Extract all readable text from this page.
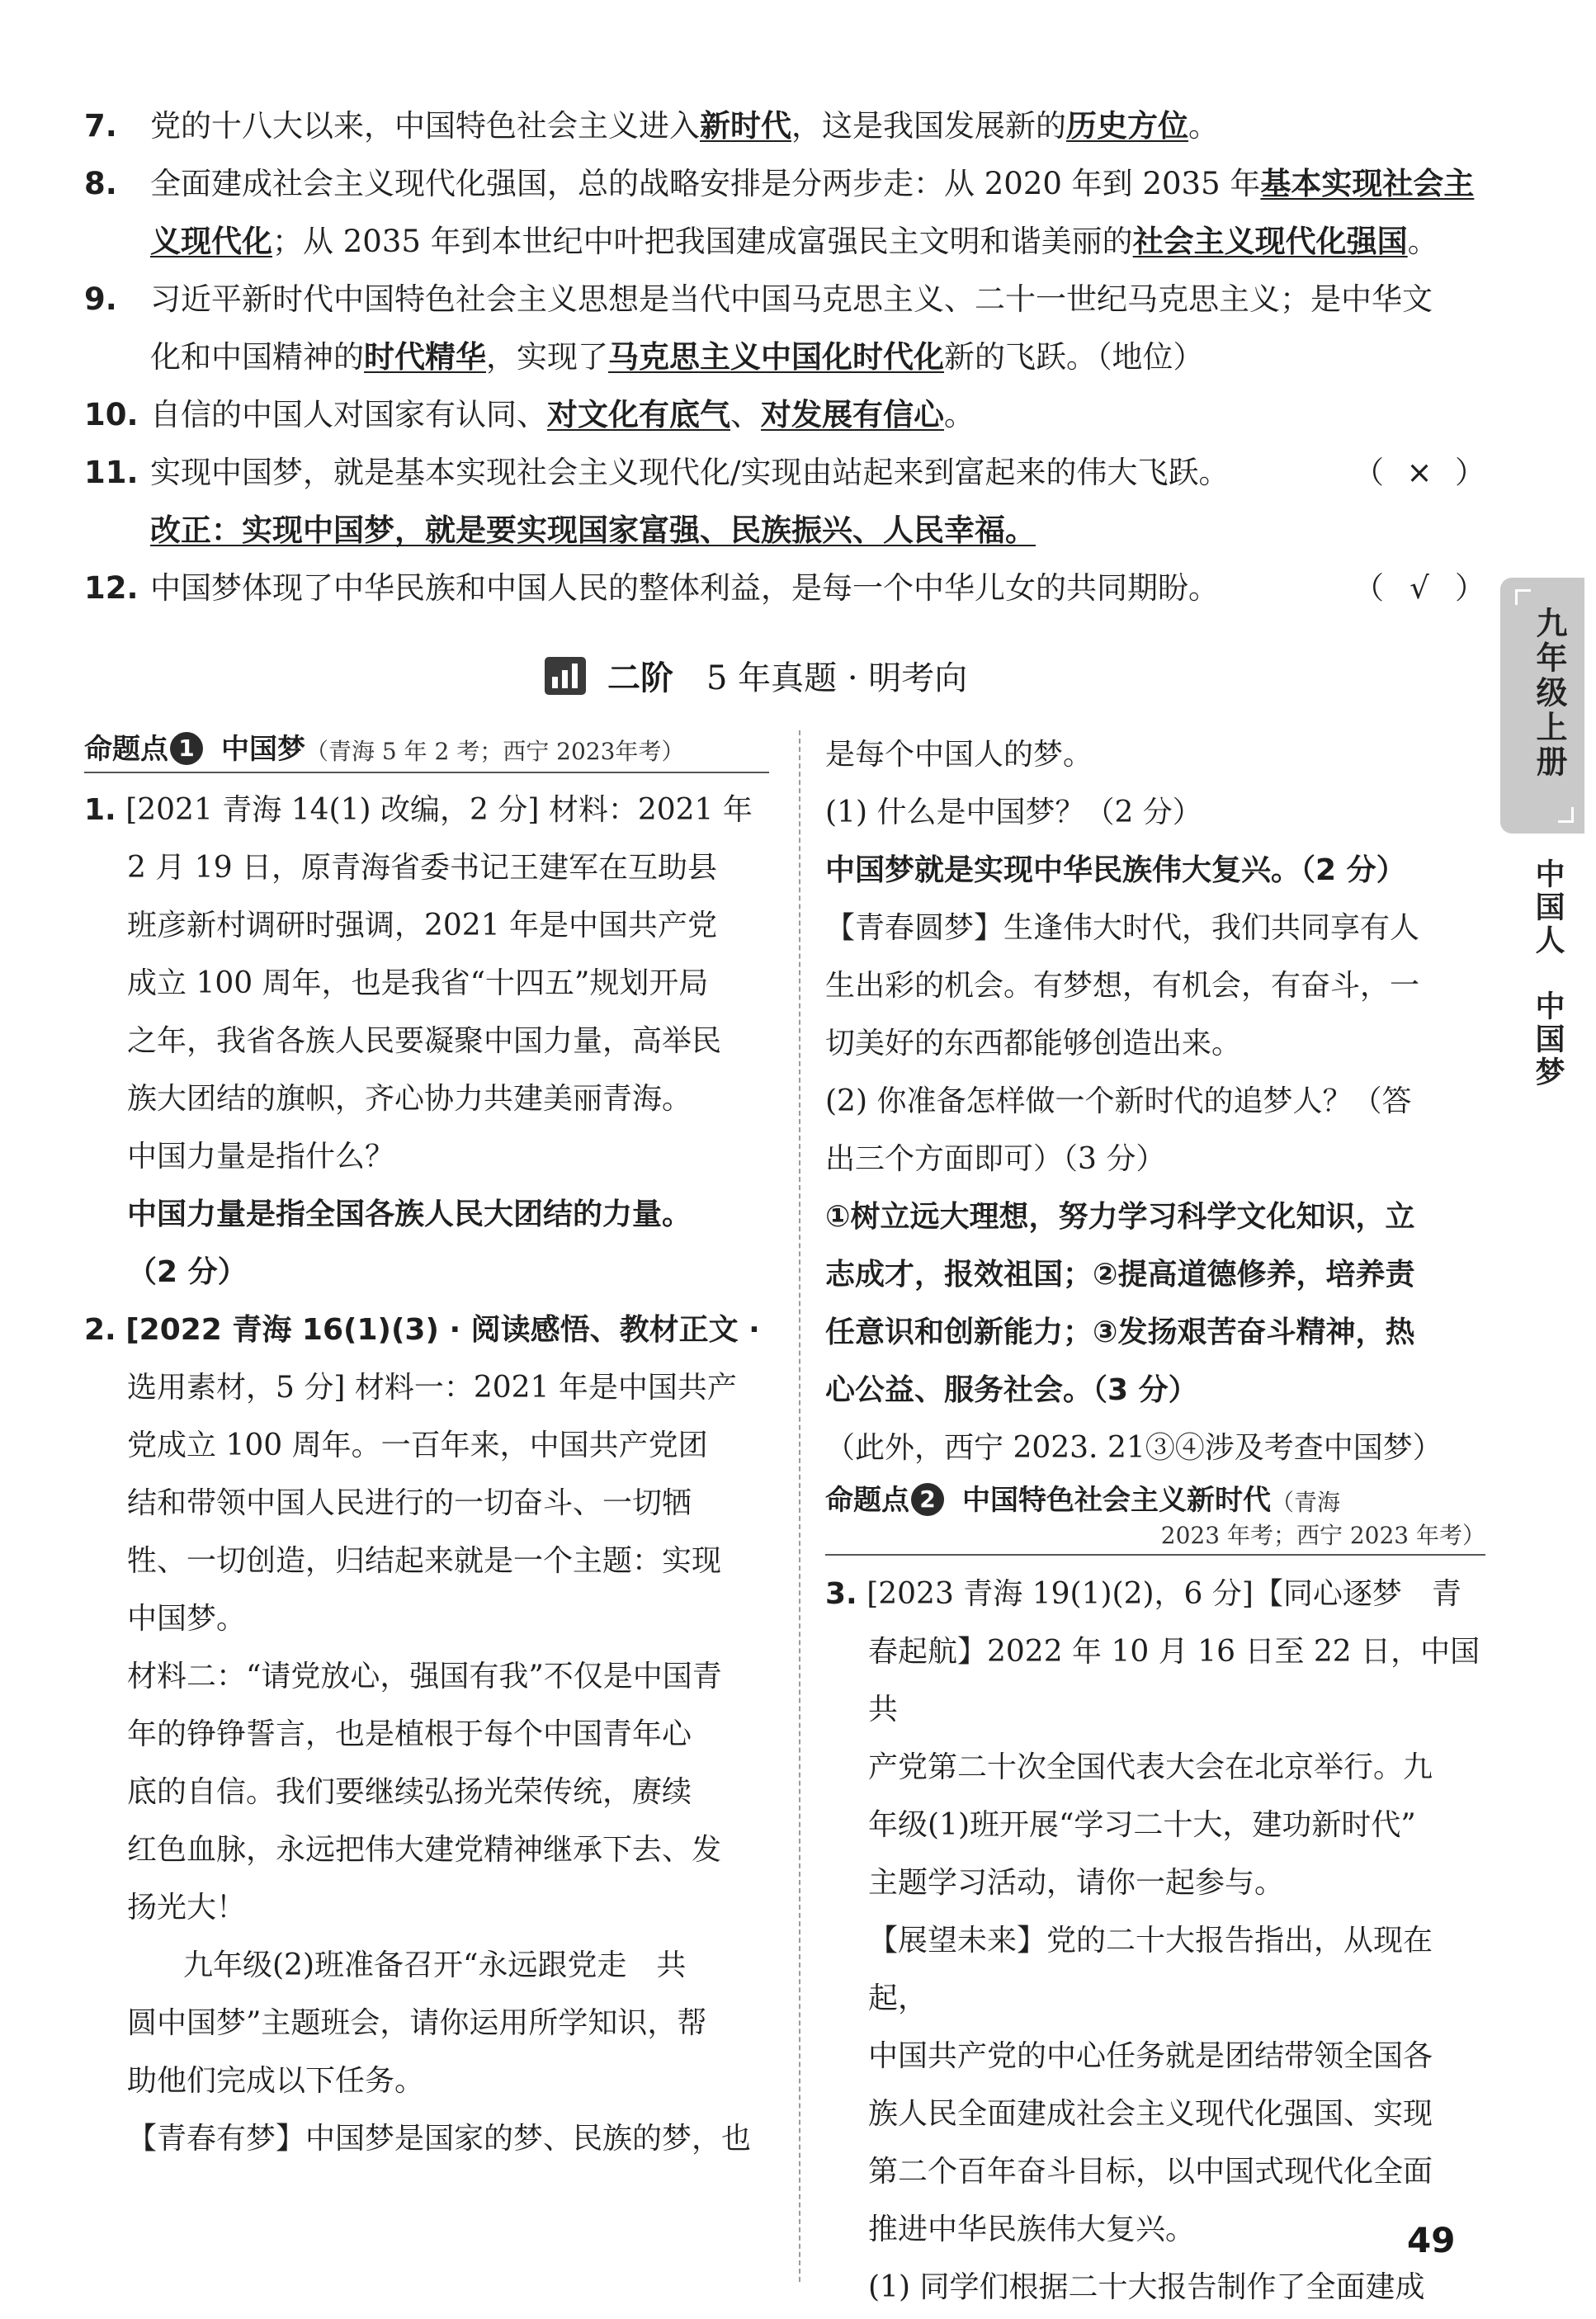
7. 党的十八大以来，中国特色社会主义进入新时代，这是我国发展新的历史方位。
8. 全面建成社会主义现代化强国，总的战略安排是分两步走：从 2020 年到 2035 年基本实现社会主
义现代化；从 2035 年到本世纪中叶把我国建成富强民主文明和谐美丽的社会主义现代化强国。
9. 习近平新时代中国特色社会主义思想是当代中国马克思主义、二十一世纪马克思主义；是中华文
化和中国精神的时代精华，实现了马克思主义中国化时代化新的飞跃。（地位）
10. 自信的中国人对国家有认同、对文化有底气、对发展有信心。
11. 实现中国梦，就是基本实现社会主义现代化/实现由站起来到富起来的伟大飞跃。	（ × ）

改正：实现中国梦，就是要实现国家富强、民族振兴、人民幸福。
12. 中国梦体现了中华民族和中国人民的整体利益，是每一个中华儿女的共同期盼。	（ √ ）
二阶 5 年真题 · 明考向
命题点 1 中国梦 （青海 5 年 2 考；西宁 2023年考）

1. [2021 青海 14(1) 改编，2 分] 材料：2021 年

2 月 19 日，原青海省委书记王建军在互助县

班彦新村调研时强调，2021 年是中国共产党

成立 100 周年，也是我省“十四五”规划开局

之年，我省各族人民要凝聚中国力量，高举民

族大团结的旗帜，齐心协力共建美丽青海。

中国力量是指什么？

中国力量是指全国各族人民大团结的力量。

（2 分）

2. [2022 青海 16(1)(3) · 阅读感悟、教材正文 ·

选用素材，5 分] 材料一：2021 年是中国共产

党成立 100 周年。一百年来，中国共产党团

结和带领中国人民进行的一切奋斗、一切牺

牲、一切创造，归结起来就是一个主题：实现

中国梦。

材料二：“请党放心，强国有我”不仅是中国青

年的铮铮誓言，也是植根于每个中国青年心

底的自信。我们要继续弘扬光荣传统，赓续

红色血脉，永远把伟大建党精神继承下去、发

扬光大！

九年级(2)班准备召开“永远跟党走　共

圆中国梦”主题班会，请你运用所学知识，帮

助他们完成以下任务。

【青春有梦】中国梦是国家的梦、民族的梦，也

是每个中国人的梦。

(1) 什么是中国梦？（2 分）

中国梦就是实现中华民族伟大复兴。（2 分）

【青春圆梦】生逢伟大时代，我们共同享有人

生出彩的机会。有梦想，有机会，有奋斗，一

切美好的东西都能够创造出来。

(2) 你准备怎样做一个新时代的追梦人？（答

出三个方面即可）（3 分）

①树立远大理想，努力学习科学文化知识，立

志成才，报效祖国；②提高道德修养，培养责

任意识和创新能力；③发扬艰苦奋斗精神，热

心公益、服务社会。（3 分）

（此外，西宁 2023. 21③④涉及考查中国梦）

命题点 2 中国特色社会主义新时代 （青海
2023 年考；西宁 2023 年考）

3. [2023 青海 19(1)(2)，6 分]【同心逐梦　青

春起航】2022 年 10 月 16 日至 22 日，中国共

产党第二十次全国代表大会在北京举行。九

年级(1)班开展“学习二十大，建功新时代”

主题学习活动，请你一起参与。

【展望未来】党的二十大报告指出，从现在起，

中国共产党的中心任务就是团结带领全国各

族人民全面建成社会主义现代化强国、实现

第二个百年奋斗目标，以中国式现代化全面

推进中华民族伟大复兴。

(1) 同学们根据二十大报告制作了全面建成

九年级上册
中国人　中国梦
49
